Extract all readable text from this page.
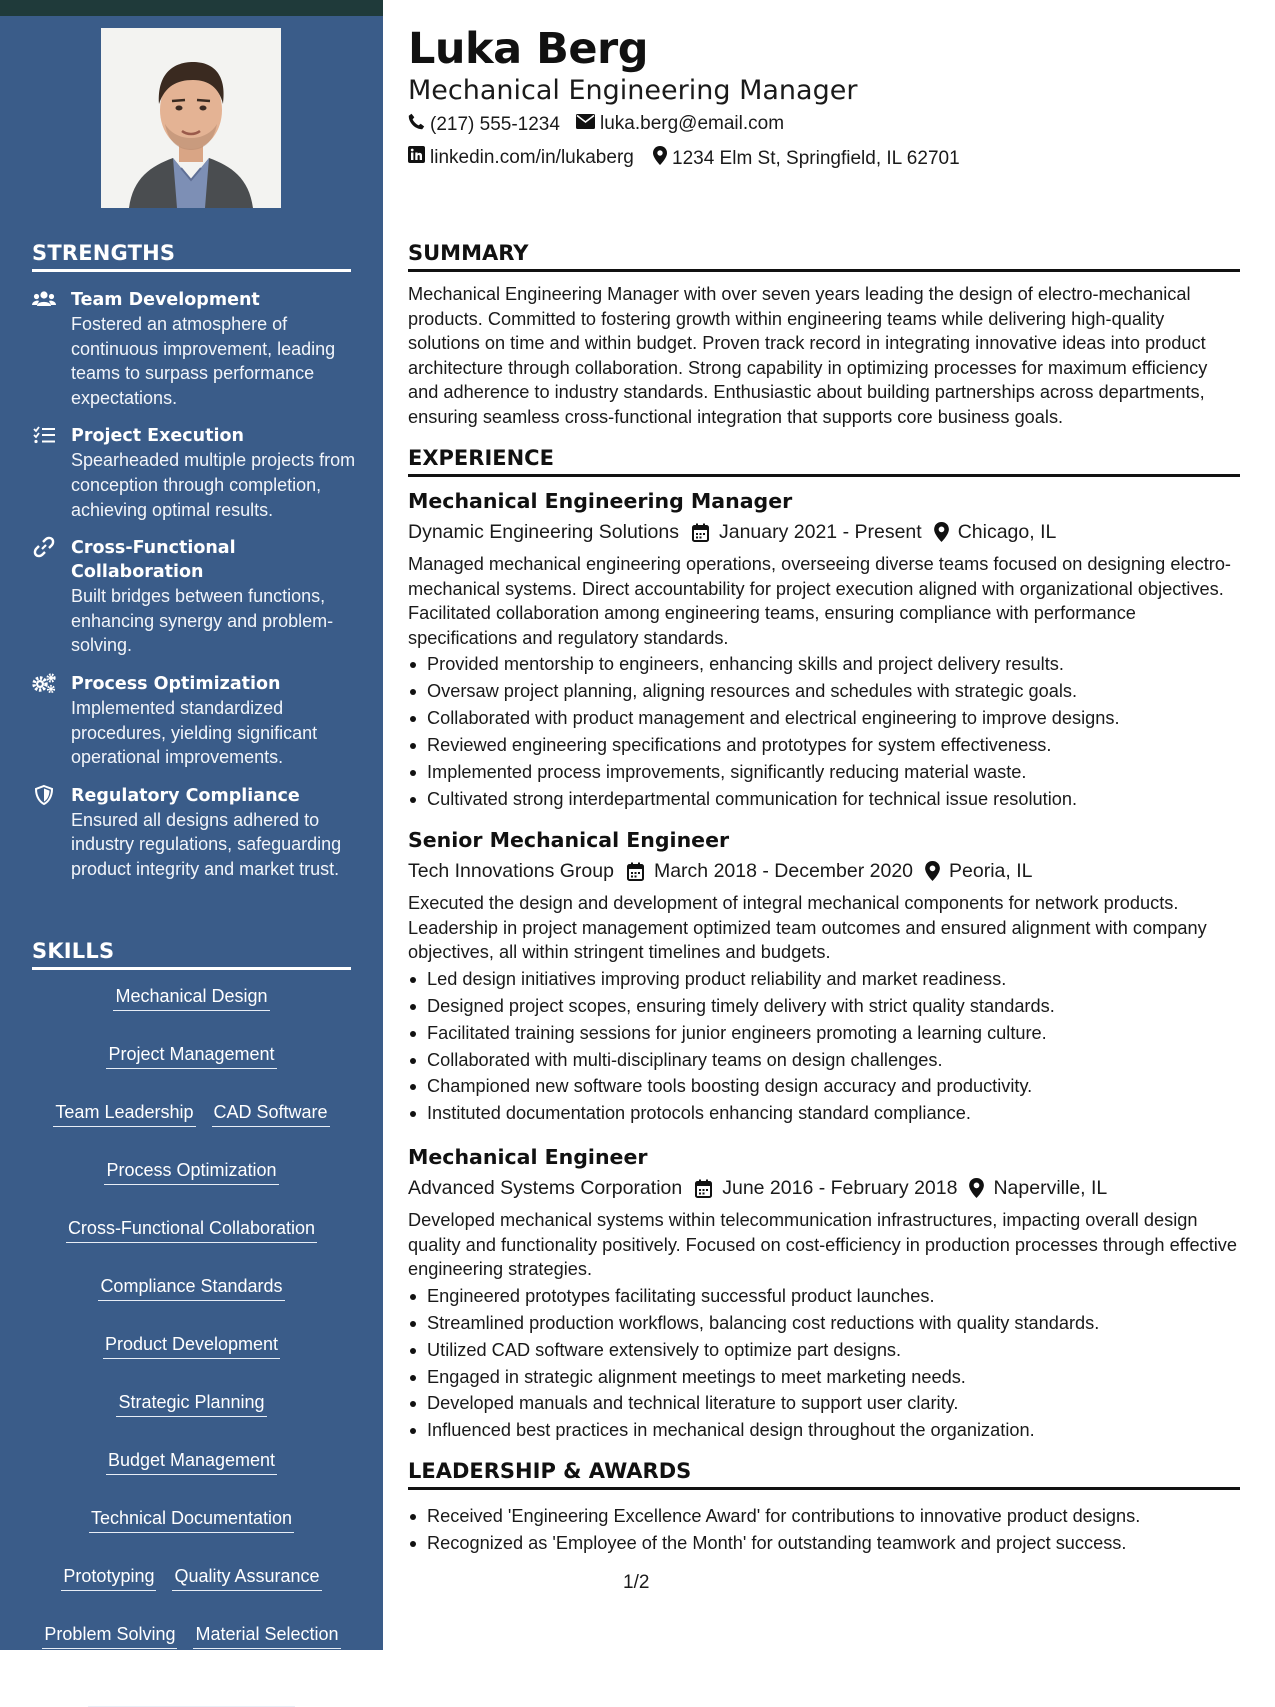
STRENGTHS
Team Development
Fostered an atmosphere of continuous improvement, leading teams to surpass performance expectations.
Project Execution
Spearheaded multiple projects from conception through completion, achieving optimal results.
Cross-Functional Collaboration
Built bridges between functions, enhancing synergy and problem-solving.
Process Optimization
Implemented standardized procedures, yielding significant operational improvements.
Regulatory Compliance
Ensured all designs adhered to industry regulations, safeguarding product integrity and market trust.
SKILLS
Mechanical Design
Project Management
Team Leadership CAD Software
Process Optimization
Cross-Functional Collaboration
Compliance Standards
Product Development
Strategic Planning
Budget Management
Technical Documentation
Prototyping Quality Assurance
Problem Solving Material Selection
Manufacturing Processes
Luka Berg
Mechanical Engineering Manager
(217) 555-1234 luka.berg@email.com
linkedin.com/in/lukaberg 1234 Elm St, Springfield, IL 62701
SUMMARY

Mechanical Engineering Manager with over seven years leading the design of electro-mechanical products. Committed to fostering growth within engineering teams while delivering high-quality solutions on time and within budget. Proven track record in integrating innovative ideas into product architecture through collaboration. Strong capability in optimizing processes for maximum efficiency and adherence to industry standards. Enthusiastic about building partnerships across departments, ensuring seamless cross-functional integration that supports core business goals.

EXPERIENCE
Mechanical Engineering Manager
Dynamic Engineering Solutions January 2021 - Present Chicago, IL

Managed mechanical engineering operations, overseeing diverse teams focused on designing electro-mechanical systems. Direct accountability for project execution aligned with organizational objectives. Facilitated collaboration among engineering teams, ensuring compliance with performance specifications and regulatory standards.

Provided mentorship to engineers, enhancing skills and project delivery results.
Oversaw project planning, aligning resources and schedules with strategic goals.
Collaborated with product management and electrical engineering to improve designs.
Reviewed engineering specifications and prototypes for system effectiveness.
Implemented process improvements, significantly reducing material waste.
Cultivated strong interdepartmental communication for technical issue resolution.
Senior Mechanical Engineer
Tech Innovations Group March 2018 - December 2020 Peoria, IL

Executed the design and development of integral mechanical components for network products. Leadership in project management optimized team outcomes and ensured alignment with company objectives, all within stringent timelines and budgets.

Led design initiatives improving product reliability and market readiness.
Designed project scopes, ensuring timely delivery with strict quality standards.
Facilitated training sessions for junior engineers promoting a learning culture.
Collaborated with multi-disciplinary teams on design challenges.
Championed new software tools boosting design accuracy and productivity.
Instituted documentation protocols enhancing standard compliance.
Mechanical Engineer
Advanced Systems Corporation June 2016 - February 2018 Naperville, IL

Developed mechanical systems within telecommunication infrastructures, impacting overall design quality and functionality positively. Focused on cost-efficiency in production processes through effective engineering strategies.

Engineered prototypes facilitating successful product launches.
Streamlined production workflows, balancing cost reductions with quality standards.
Utilized CAD software extensively to optimize part designs.
Engaged in strategic alignment meetings to meet marketing needs.
Developed manuals and technical literature to support user clarity.
Influenced best practices in mechanical design throughout the organization.
LEADERSHIP & AWARDS
Received 'Engineering Excellence Award' for contributions to innovative product designs.
Recognized as 'Employee of the Month' for outstanding teamwork and project success.
1/2
